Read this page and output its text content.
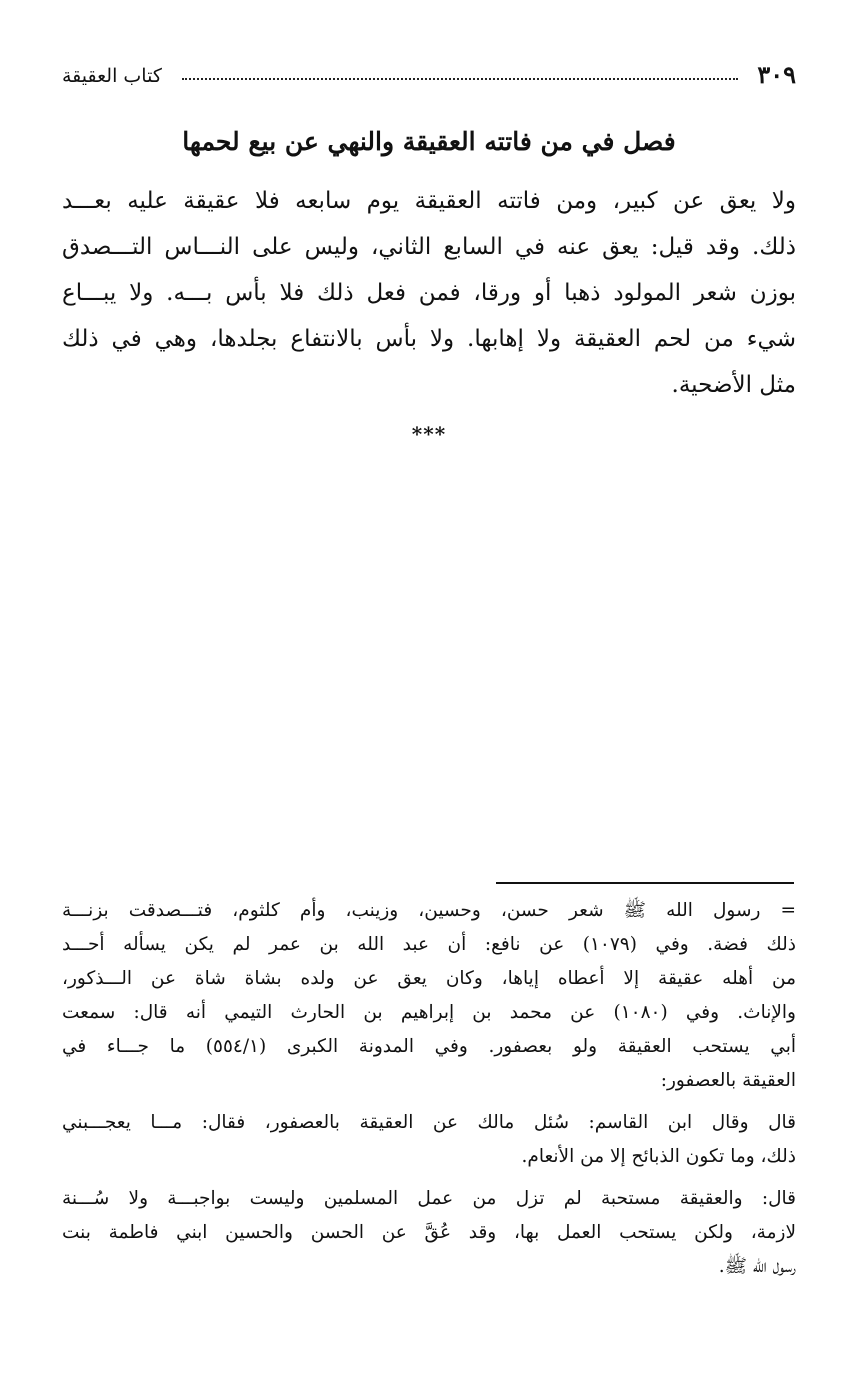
كتاب العقيقة	٣٠٩
فصل في من فاتته العقيقة والنهي عن بيع لحمها
ولا يعق عن كبير، ومن فاتته العقيقة يوم سابعه فلا عقيقة عليه بعـــد
ذلك. وقد قيل: يعق عنه في السابع الثاني، وليس على النـــاس التـــصدق
بوزن شعر المولود ذهبا أو ورقا، فمن فعل ذلك فلا بأس بـــه. ولا يبـــاع
شيء من لحم العقيقة ولا إهابها. ولا بأس بالانتفاع بجلدها، وهي في ذلك
مثل الأضحية.
***
= رسول الله ﷺ شعر حسن، وحسين، وزينب، وأم كلثوم، فتـــصدقت بزنـــة
ذلك فضة. وفي (١٠٧٩) عن نافع: أن عبد الله بن عمر لم يكن يسأله أحـــد
من أهله عقيقة إلا أعطاه إياها، وكان يعق عن ولده بشاة شاة عن الـــذكور،
والإناث. وفي (١٠٨٠) عن محمد بن إبراهيم بن الحارث التيمي أنه قال: سمعت
أبي يستحب العقيقة ولو بعصفور. وفي المدونة الكبرى (٥٥٤/١) ما جـــاء في
العقيقة بالعصفور:
قال وقال ابن القاسم: سُئل مالك عن العقيقة بالعصفور، فقال: مـــا يعجـــبني
ذلك، وما تكون الذبائح إلا من الأنعام.
قال: والعقيقة مستحبة لم تزل من عمل المسلمين وليست بواجبـــة ولا سُـــنة
لازمة، ولكن يستحب العمل بها، وقد عُقَّ عن الحسن والحسين ابني فاطمة بنت
رسول الله ﷺ.
